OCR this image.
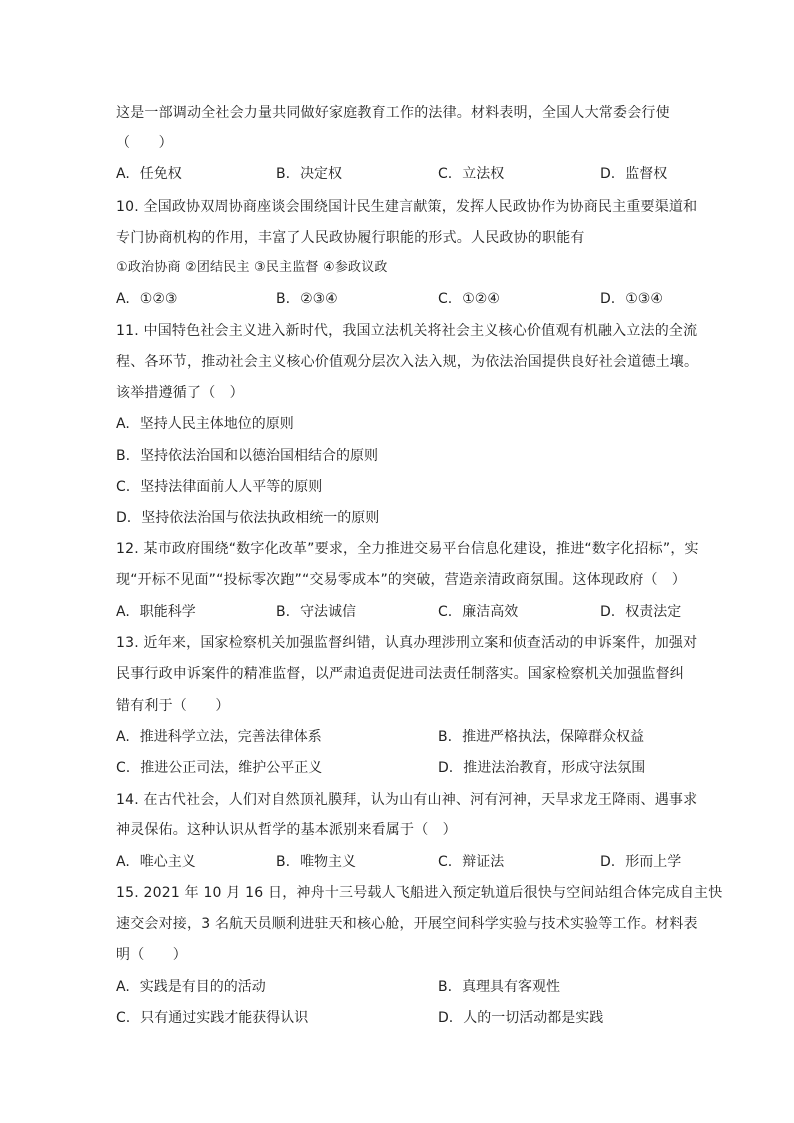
这是一部调动全社会力量共同做好家庭教育工作的法律。材料表明，全国人大常委会行使
（　　）
A. 任免权	B. 决定权	C. 立法权	D. 监督权
10. 全国政协双周协商座谈会围绕国计民生建言献策，发挥人民政协作为协商民主重要渠道和
专门协商机构的作用，丰富了人民政协履行职能的形式。人民政协的职能有
①政治协商 ②团结民主 ③民主监督 ④参政议政
A. ①②③	B. ②③④	C. ①②④	D. ①③④
11. 中国特色社会主义进入新时代，我国立法机关将社会主义核心价值观有机融入立法的全流
程、各环节，推动社会主义核心价值观分层次入法入规，为依法治国提供良好社会道德土壤。
该举措遵循了（　）
A. 坚持人民主体地位的原则
B. 坚持依法治国和以德治国相结合的原则
C. 坚持法律面前人人平等的原则
D. 坚持依法治国与依法执政相统一的原则
12. 某市政府围绕“数字化改革”要求，全力推进交易平台信息化建设，推进“数字化招标”，实
现“开标不见面”“投标零次跑”“交易零成本”的突破，营造亲清政商氛围。这体现政府（　）
A. 职能科学	B. 守法诚信	C. 廉洁高效	D. 权责法定
13. 近年来，国家检察机关加强监督纠错，认真办理涉刑立案和侦查活动的申诉案件，加强对
民事行政申诉案件的精准监督，以严肃追责促进司法责任制落实。国家检察机关加强监督纠
错有利于（　　）
A. 推进科学立法，完善法律体系	B. 推进严格执法，保障群众权益
C. 推进公正司法，维护公平正义	D. 推进法治教育，形成守法氛围
14. 在古代社会，人们对自然顶礼膜拜，认为山有山神、河有河神，天旱求龙王降雨、遇事求
神灵保佑。这种认识从哲学的基本派别来看属于（　）
A. 唯心主义	B. 唯物主义	C. 辩证法	D. 形而上学
15. 2021 年 10 月 16 日，神舟十三号载人飞船进入预定轨道后很快与空间站组合体完成自主快
速交会对接，3 名航天员顺利进驻天和核心舱，开展空间科学实验与技术实验等工作。材料表
明（　　）
A. 实践是有目的的活动	B. 真理具有客观性
C. 只有通过实践才能获得认识	D. 人的一切活动都是实践
